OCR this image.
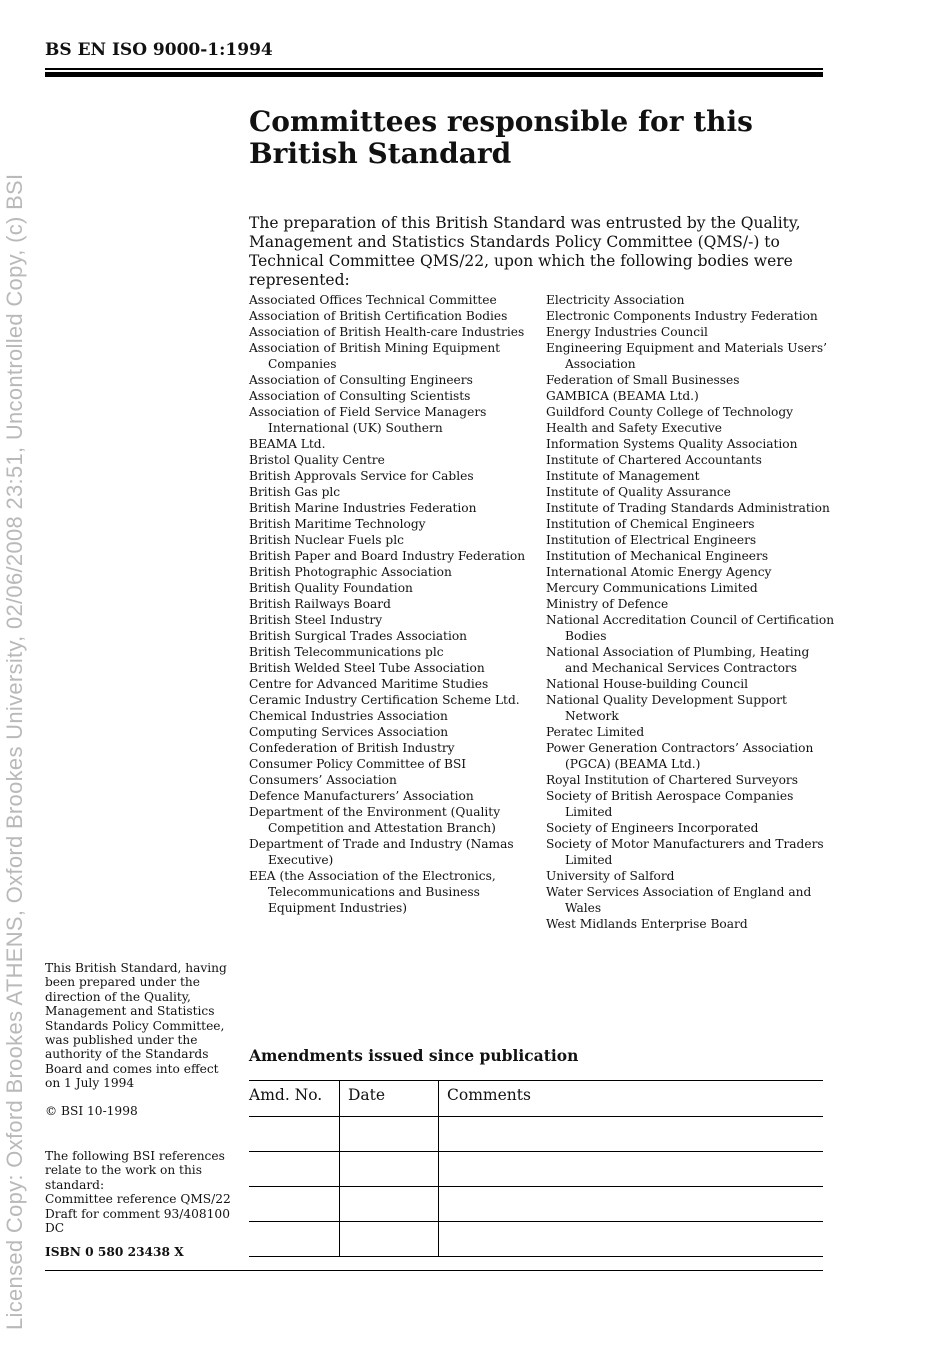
Licensed Copy: Oxford Brookes ATHENS, Oxford Brookes University, 02/06/2008 23:51, Uncontrolled Copy, (c) BSI
BS EN ISO 9000-1:1994
Committees responsible for this
British Standard

The preparation of this British Standard was entrusted by the Quality, Management and Statistics Standards Policy Committee (QMS/-) to Technical Committee QMS/22, upon which the following bodies were represented:

Associated Offices Technical Committee
Association of British Certification Bodies
Association of British Health-care Industries
Association of British Mining Equipment Companies
Association of Consulting Engineers
Association of Consulting Scientists
Association of Field Service Managers International (UK) Southern
BEAMA Ltd.
Bristol Quality Centre
British Approvals Service for Cables
British Gas plc
British Marine Industries Federation
British Maritime Technology
British Nuclear Fuels plc
British Paper and Board Industry Federation
British Photographic Association
British Quality Foundation
British Railways Board
British Steel Industry
British Surgical Trades Association
British Telecommunications plc
British Welded Steel Tube Association
Centre for Advanced Maritime Studies
Ceramic Industry Certification Scheme Ltd.
Chemical Industries Association
Computing Services Association
Confederation of British Industry
Consumer Policy Committee of BSI
Consumers’ Association
Defence Manufacturers’ Association
Department of the Environment (Quality Competition and Attestation Branch)
Department of Trade and Industry (Namas Executive)
EEA (the Association of the Electronics, Telecommunications and Business Equipment Industries)
Electricity Association
Electronic Components Industry Federation
Energy Industries Council
Engineering Equipment and Materials Users’ Association
Federation of Small Businesses
GAMBICA (BEAMA Ltd.)
Guildford County College of Technology
Health and Safety Executive
Information Systems Quality Association
Institute of Chartered Accountants
Institute of Management
Institute of Quality Assurance
Institute of Trading Standards Administration
Institution of Chemical Engineers
Institution of Electrical Engineers
Institution of Mechanical Engineers
International Atomic Energy Agency
Mercury Communications Limited
Ministry of Defence
National Accreditation Council of Certification Bodies
National Association of Plumbing, Heating and Mechanical Services Contractors
National House-building Council
National Quality Development Support Network
Peratec Limited
Power Generation Contractors’ Association (PGCA) (BEAMA Ltd.)
Royal Institution of Chartered Surveyors
Society of British Aerospace Companies Limited
Society of Engineers Incorporated
Society of Motor Manufacturers and Traders Limited
University of Salford
Water Services Association of England and Wales
West Midlands Enterprise Board

This British Standard, having been prepared under the direction of the Quality, Management and Statistics Standards Policy Committee, was published under the authority of the Standards Board and comes into effect on 1 July 1994

© BSI 10-1998

The following BSI references relate to the work on this standard:
Committee reference QMS/22
Draft for comment 93/408100 DC

ISBN 0 580 23438 X
Amendments issued since publication
Amd. No.	Date	Comments
